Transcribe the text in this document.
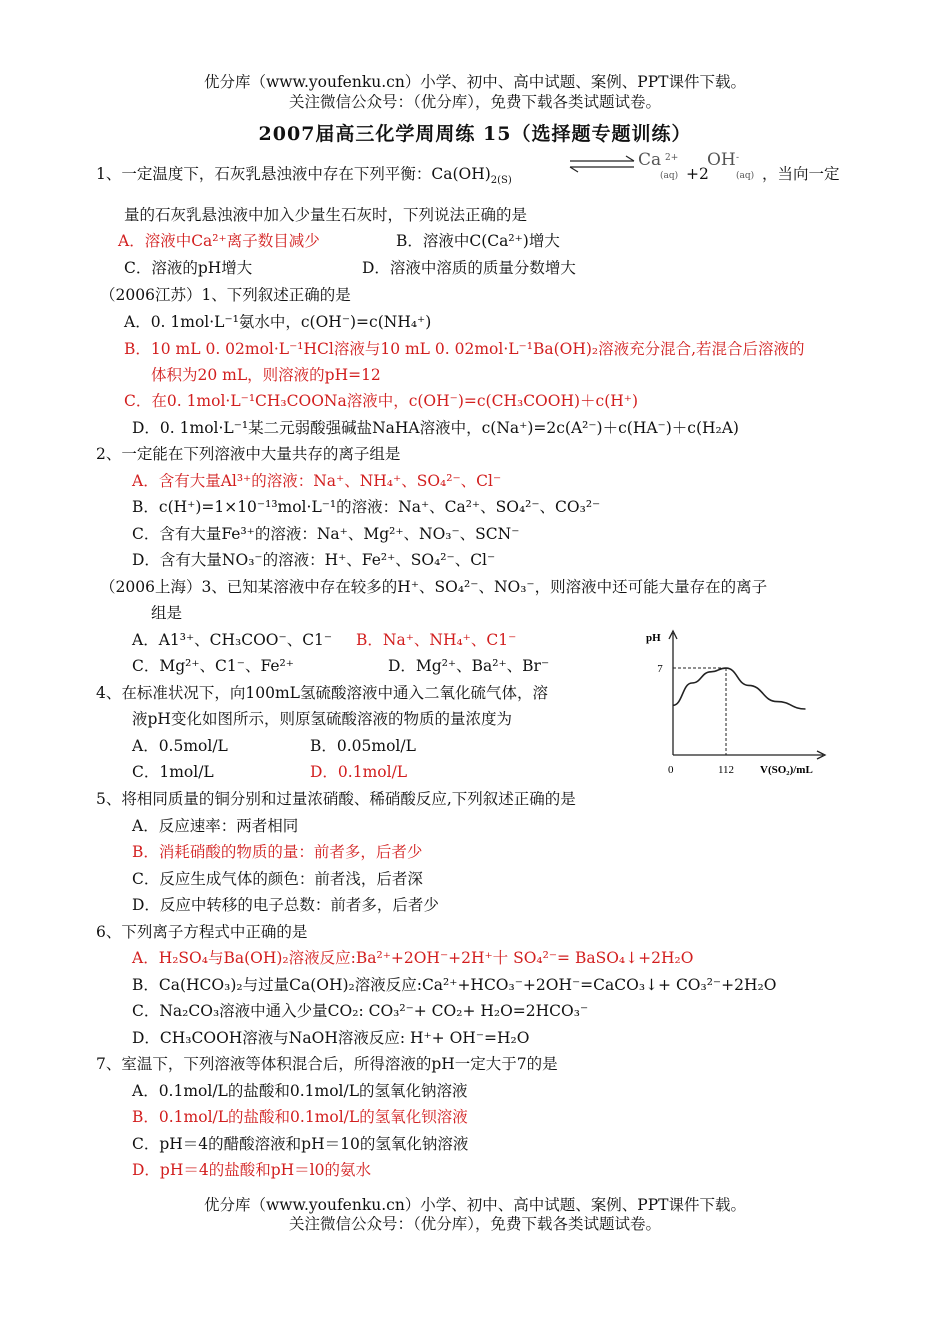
优分库（www.youfenku.cn）小学、初中、高中试题、案例、PPT课件下载。
关注微信公众号：（优分库），免费下载各类试题试卷。
2007届高三化学周周练 15（选择题专题训练）
1、一定温度下，石灰乳悬浊液中存在下列平衡：$Ca(OH)_{2(S)}$
Ca 2+
(aq) +2
OH -
(aq) ，当向一定
量的石灰乳悬浊液中加入少量生石灰时，下列说法正确的是
A．溶液中Ca²⁺离子数目减少	B．溶液中C(Ca²⁺)增大
C．溶液的pH增大	D．溶液中溶质的质量分数增大
（2006江苏）1、下列叙述正确的是
A．0. 1mol·L⁻¹氨水中，c(OH⁻)=c(NH₄⁺)
B．10 mL 0. 02mol·L⁻¹HCl溶液与10 mL 0. 02mol·L⁻¹Ba(OH)₂溶液充分混合,若混合后溶液的
体积为20 mL，则溶液的pH=12
C．在0. 1mol·L⁻¹CH₃COONa溶液中，c(OH⁻)=c(CH₃COOH)＋c(H⁺)
D．0. 1mol·L⁻¹某二元弱酸强碱盐NaHA溶液中，c(Na⁺)=2c(A²⁻)＋c(HA⁻)＋c(H₂A)
2、一定能在下列溶液中大量共存的离子组是
A．含有大量Al³⁺的溶液：Na⁺、NH₄⁺、SO₄²⁻、Cl⁻
B．c(H⁺)=1×10⁻¹³mol·L⁻¹的溶液：Na⁺、Ca²⁺、SO₄²⁻、CO₃²⁻
C．含有大量Fe³⁺的溶液：Na⁺、Mg²⁺、NO₃⁻、SCN⁻
D．含有大量NO₃⁻的溶液：H⁺、Fe²⁺、SO₄²⁻、Cl⁻
（2006上海）3、已知某溶液中存在较多的H⁺、SO₄²⁻、NO₃⁻，则溶液中还可能大量存在的离子
组是
A．A1³⁺、CH₃COO⁻、C1⁻ B．Na⁺、NH₄⁺、C1⁻
C．Mg²⁺、C1⁻、Fe²⁺	D．Mg²⁺、Ba²⁺、Br⁻
4、在标准状况下，向100mL氢硫酸溶液中通入二氧化硫气体，溶
液pH变化如图所示，则原氢硫酸溶液的物质的量浓度为
A．0.5mol/L	B．0.05mol/L
C．1mol/L	D．0.1mol/L
pH
V(SO₂)/mL
0	112
7
5、将相同质量的铜分别和过量浓硝酸、稀硝酸反应,下列叙述正确的是
A．反应速率：两者相同
B．消耗硝酸的物质的量：前者多，后者少
C．反应生成气体的颜色：前者浅，后者深
D．反应中转移的电子总数：前者多，后者少
6、下列离子方程式中正确的是
A．H₂SO₄与Ba(OH)₂溶液反应:Ba²⁺+2OH⁻+2H⁺十 SO₄²⁻= BaSO₄↓+2H₂O
B．Ca(HCO₃)₂与过量Ca(OH)₂溶液反应:Ca²⁺+HCO₃⁻+2OH⁻=CaCO₃↓+ CO₃²⁻+2H₂O
C．Na₂CO₃溶液中通入少量CO₂: CO₃²⁻+ CO₂+ H₂O=2HCO₃⁻
D．CH₃COOH溶液与NaOH溶液反应: H⁺+ OH⁻=H₂O
7、室温下，下列溶液等体积混合后，所得溶液的pH一定大于7的是
A．0.1mol/L的盐酸和0.1mol/L的氢氧化钠溶液
B．0.1mol/L的盐酸和0.1mol/L的氢氧化钡溶液
C．pH＝4的醋酸溶液和pH＝10的氢氧化钠溶液
D．pH＝4的盐酸和pH＝l0的氨水
优分库（www.youfenku.cn）小学、初中、高中试题、案例、PPT课件下载。
关注微信公众号：（优分库），免费下载各类试题试卷。
